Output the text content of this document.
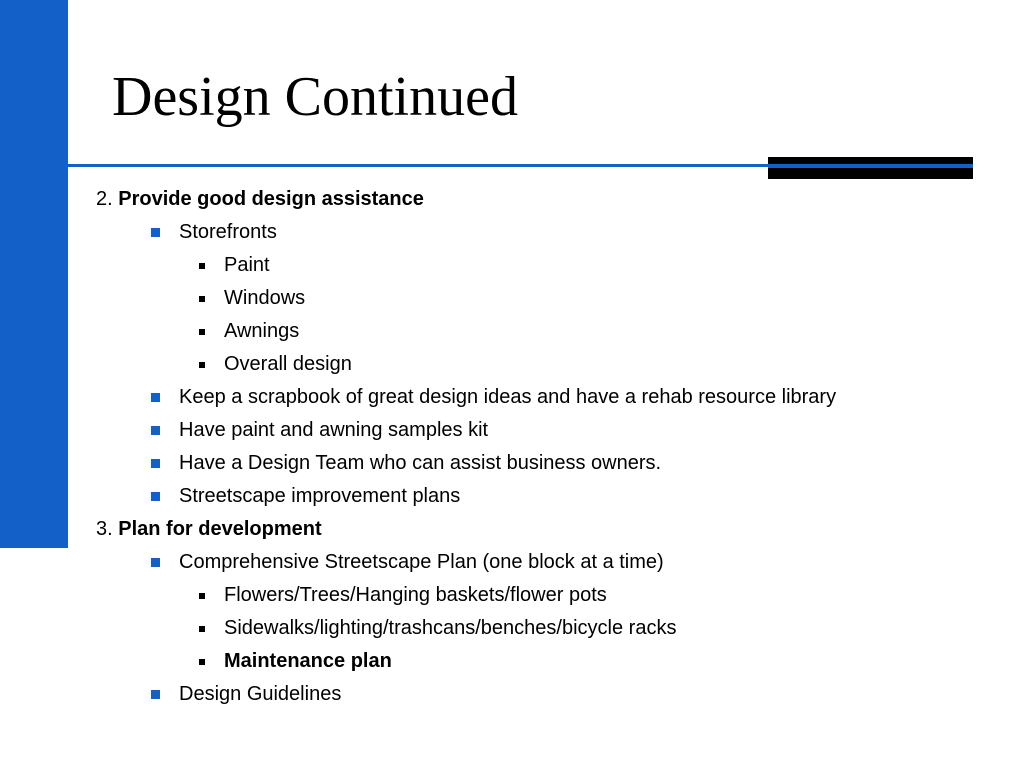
Design Continued
2. Provide good design assistance
Storefronts
Paint
Windows
Awnings
Overall design
Keep a scrapbook of great design ideas and have a rehab resource library
Have paint and awning samples kit
Have a Design Team who can assist business owners.
Streetscape improvement plans
3. Plan for development
Comprehensive Streetscape Plan (one block at a time)
Flowers/Trees/Hanging baskets/flower pots
Sidewalks/lighting/trashcans/benches/bicycle racks
Maintenance plan
Design Guidelines
